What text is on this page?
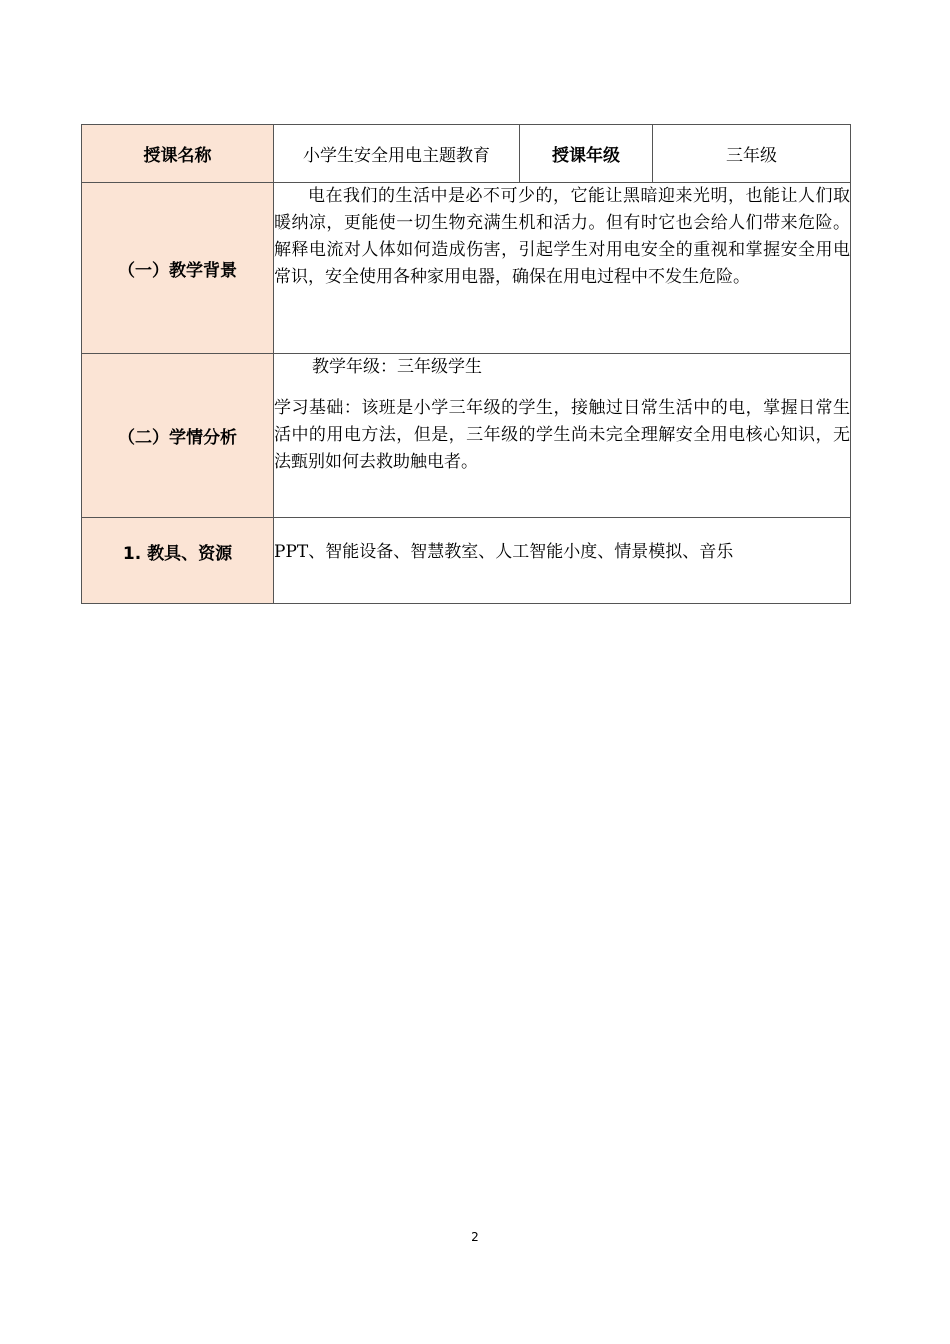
授课名称	小学生安全用电主题教育	授课年级	三年级
（一）教学背景	电在我们的生活中是必不可少的，它能让黑暗迎来光明，也能让人们取暖纳凉，更能使一切生物充满生机和活力。但有时它也会给人们带来危险。解释电流对人体如何造成伤害，引起学生对用电安全的重视和掌握安全用电常识，安全使用各种家用电器，确保在用电过程中不发生危险。		

（二）学情分析	教学年级：三年级学生

学习基础：该班是小学三年级的学生，接触过日常生活中的电，掌握日常生活中的用电方法，但是，三年级的学生尚未完全理解安全用电核心知识，无法甄别如何去救助触电者。		

1. 教具、资源	PPT、智能设备、智慧教室、人工智能小度、情景模拟、音乐		

2
